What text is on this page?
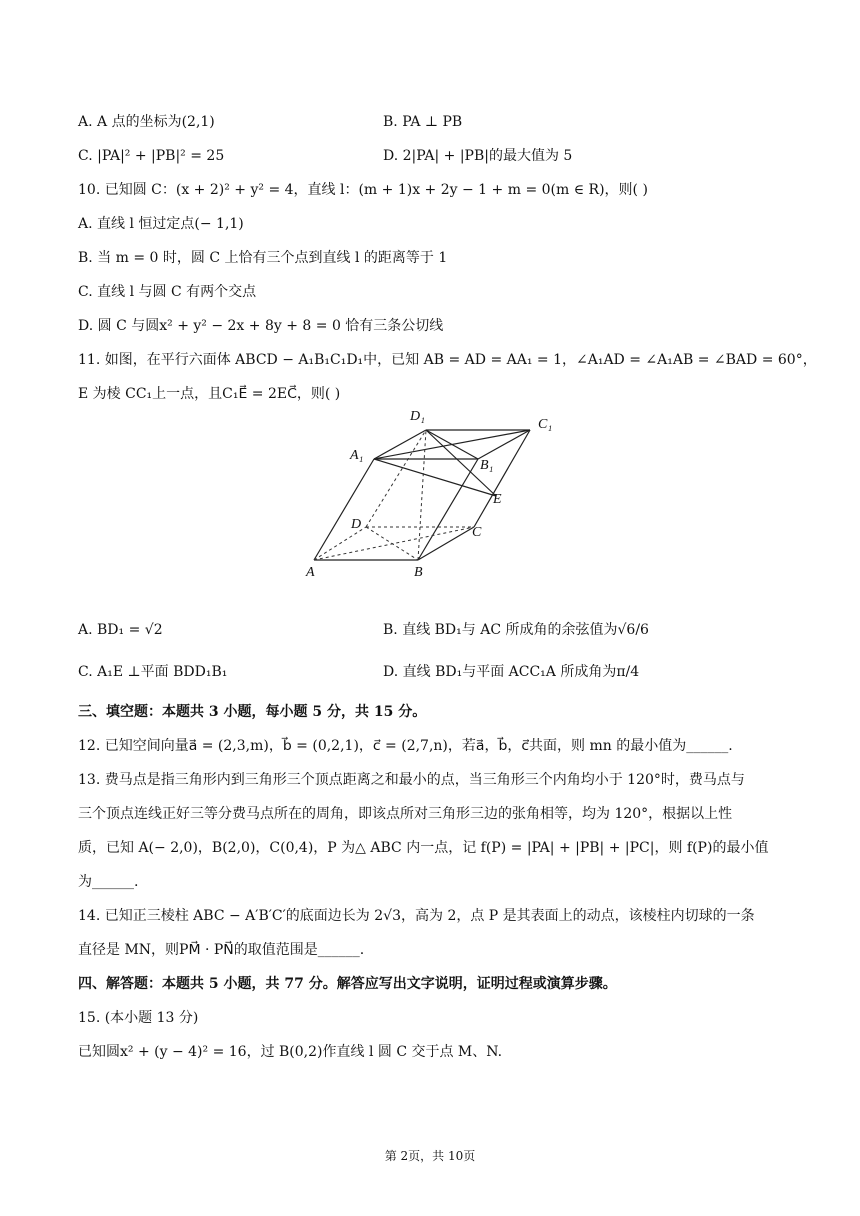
A. A 点的坐标为(2,1)	B. PA ⊥ PB
C. |PA|² + |PB|² = 25	D. 2|PA| + |PB|的最大值为 5
10. 已知圆 C：(x + 2)² + y² = 4，直线 l：(m + 1)x + 2y − 1 + m = 0(m ∈ R)，则( )
A. 直线 l 恒过定点(− 1,1)
B. 当 m = 0 时，圆 C 上恰有三个点到直线 l 的距离等于 1
C. 直线 l 与圆 C 有两个交点
D. 圆 C 与圆x² + y² − 2x + 8y + 8 = 0 恰有三条公切线
11. 如图，在平行六面体 ABCD − A₁B₁C₁D₁中，已知 AB = AD = AA₁ = 1，∠A₁AD = ∠A₁AB = ∠BAD = 60°，
E 为棱 CC₁上一点，且C₁E⃗ = 2EC⃗，则( )
A	B
C
D
A₁
B₁
C₁
D₁
E
A. BD₁ = √2	B. 直线 BD₁与 AC 所成角的余弦值为√6/6
C. A₁E ⊥平面 BDD₁B₁	D. 直线 BD₁与平面 ACC₁A 所成角为π/4
三、填空题：本题共 3 小题，每小题 5 分，共 15 分。
12. 已知空间向量a⃗ = (2,3,m)，b⃗ = (0,2,1)，c⃗ = (2,7,n)，若a⃗，b⃗，c⃗共面，则 mn 的最小值为______.
13. 费马点是指三角形内到三角形三个顶点距离之和最小的点，当三角形三个内角均小于 120°时，费马点与
三个顶点连线正好三等分费马点所在的周角，即该点所对三角形三边的张角相等，均为 120°，根据以上性
质，已知 A(− 2,0)，B(2,0)，C(0,4)，P 为△ ABC 内一点，记 f(P) = |PA| + |PB| + |PC|，则 f(P)的最小值
为______.
14. 已知正三棱柱 ABC − A′B′C′的底面边长为 2√3，高为 2，点 P 是其表面上的动点，该棱柱内切球的一条
直径是 MN，则PM⃗ · PN⃗的取值范围是______.
四、解答题：本题共 5 小题，共 77 分。解答应写出文字说明，证明过程或演算步骤。
15. (本小题 13 分)
已知圆x² + (y − 4)² = 16，过 B(0,2)作直线 l 圆 C 交于点 M、N.
第 2页，共 10页
